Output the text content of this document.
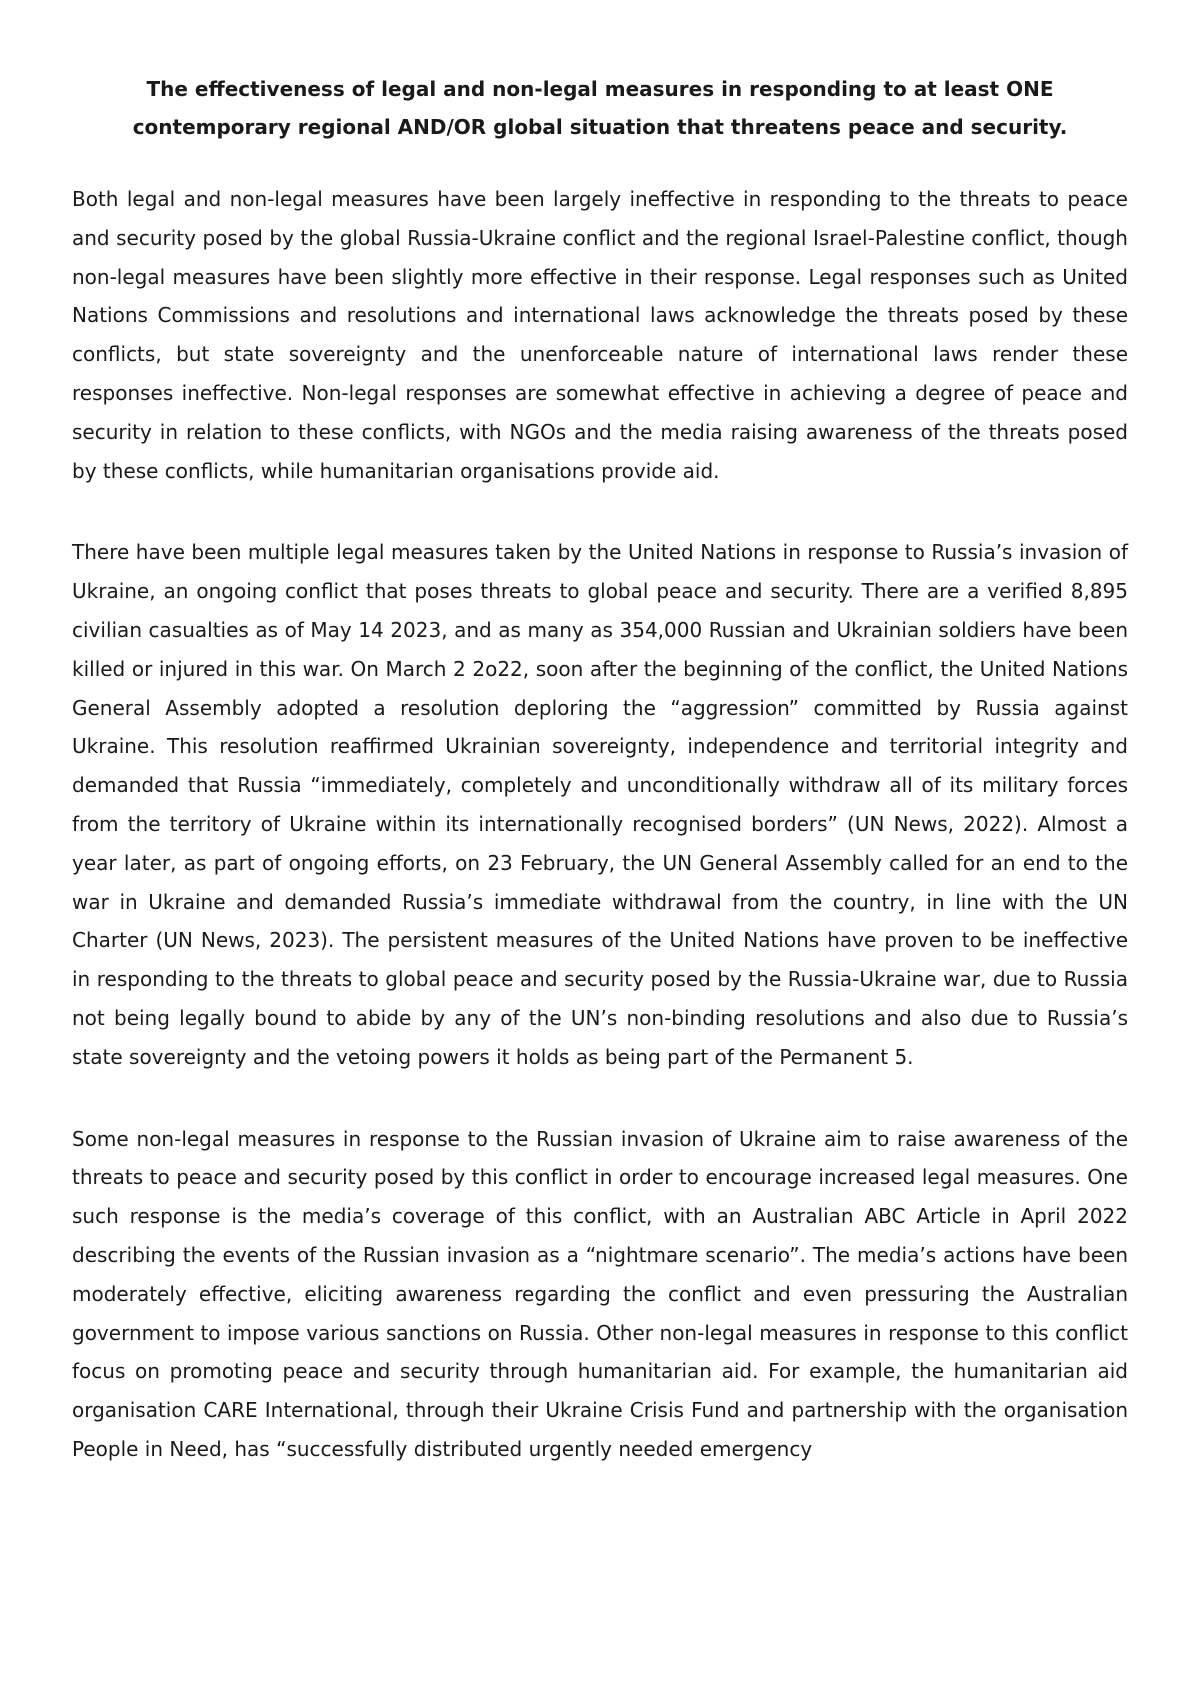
The effectiveness of legal and non-legal measures in responding to at least ONE contemporary regional AND/OR global situation that threatens peace and security.

Both legal and non-legal measures have been largely ineffective in responding to the threats to peace and security posed by the global Russia-Ukraine conflict and the regional Israel-Palestine conflict, though non-legal measures have been slightly more effective in their response. Legal responses such as United Nations Commissions and resolutions and international laws acknowledge the threats posed by these conflicts, but state sovereignty and the unenforceable nature of international laws render these responses ineffective. Non-legal responses are somewhat effective in achieving a degree of peace and security in relation to these conflicts, with NGOs and the media raising awareness of the threats posed by these conflicts, while humanitarian organisations provide aid.

There have been multiple legal measures taken by the United Nations in response to Russia’s invasion of Ukraine, an ongoing conflict that poses threats to global peace and security. There are a verified 8,895 civilian casualties as of May 14 2023, and as many as 354,000 Russian and Ukrainian soldiers have been killed or injured in this war. On March 2 2o22, soon after the beginning of the conflict, the United Nations General Assembly adopted a resolution deploring the “aggression” committed by Russia against Ukraine. This resolution reaffirmed Ukrainian sovereignty, independence and territorial integrity and demanded that Russia “immediately, completely and unconditionally withdraw all of its military forces from the territory of Ukraine within its internationally recognised borders” (UN News, 2022). Almost a year later, as part of ongoing efforts, on 23 February, the UN General Assembly called for an end to the war in Ukraine and demanded Russia’s immediate withdrawal from the country, in line with the UN Charter (UN News, 2023). The persistent measures of the United Nations have proven to be ineffective in responding to the threats to global peace and security posed by the Russia-Ukraine war, due to Russia not being legally bound to abide by any of the UN’s non-binding resolutions and also due to Russia’s state sovereignty and the vetoing powers it holds as being part of the Permanent 5.

Some non-legal measures in response to the Russian invasion of Ukraine aim to raise awareness of the threats to peace and security posed by this conflict in order to encourage increased legal measures. One such response is the media’s coverage of this conflict, with an Australian ABC Article in April 2022 describing the events of the Russian invasion as a “nightmare scenario”. The media’s actions have been moderately effective, eliciting awareness regarding the conflict and even pressuring the Australian government to impose various sanctions on Russia. Other non-legal measures in response to this conflict focus on promoting peace and security through humanitarian aid. For example, the humanitarian aid organisation CARE International, through their Ukraine Crisis Fund and partnership with the organisation People in Need, has “successfully distributed urgently needed emergency
